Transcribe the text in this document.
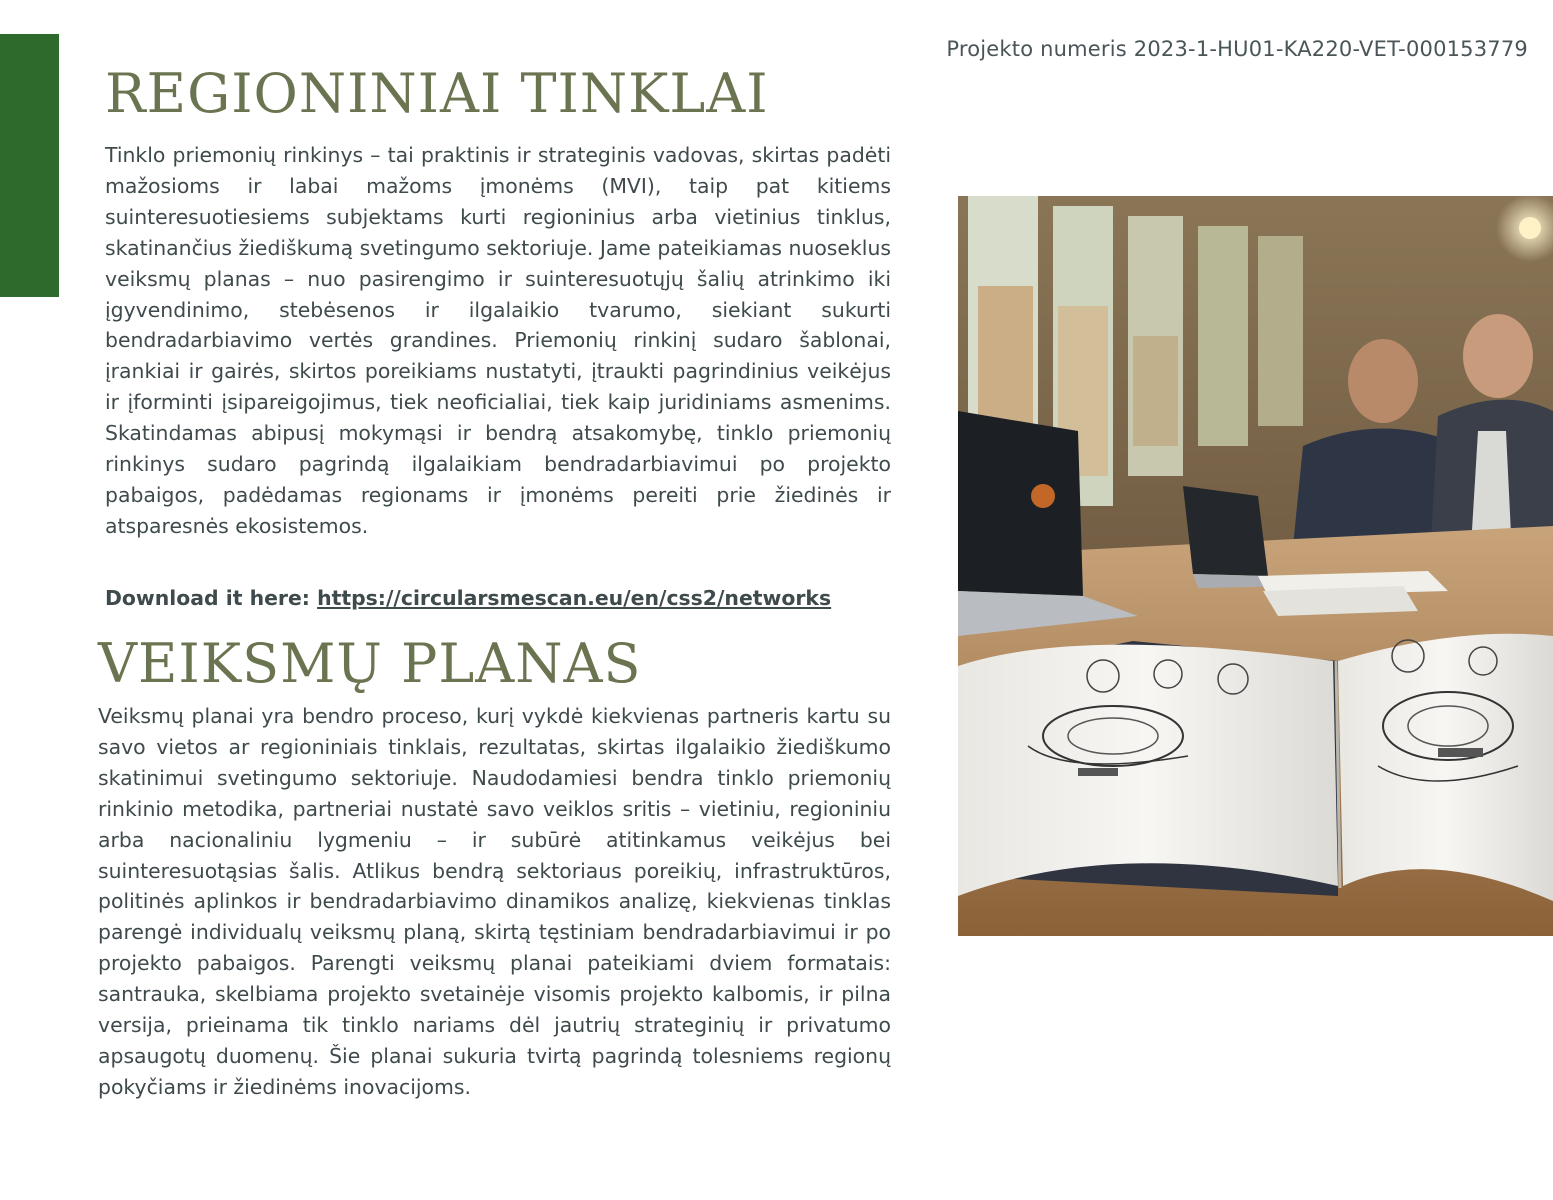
Projekto numeris 2023-1-HU01-KA220-VET-000153779
REGIONINIAI TINKLAI

Tinklo priemonių rinkinys – tai praktinis ir strateginis vadovas, skirtas padėti mažosioms ir labai mažoms įmonėms (MVI), taip pat kitiems suinteresuotiesiems subjektams kurti regioninius arba vietinius tinklus, skatinančius žiediškumą svetingumo sektoriuje. Jame pateikiamas nuoseklus veiksmų planas – nuo pasirengimo ir suinteresuotųjų šalių atrinkimo iki įgyvendinimo, stebėsenos ir ilgalaikio tvarumo, siekiant sukurti bendradarbiavimo vertės grandines. Priemonių rinkinį sudaro šablonai, įrankiai ir gairės, skirtos poreikiams nustatyti, įtraukti pagrindinius veikėjus ir įforminti įsipareigojimus, tiek neoficialiai, tiek kaip juridiniams asmenims. Skatindamas abipusį mokymąsi ir bendrą atsakomybę, tinklo priemonių rinkinys sudaro pagrindą ilgalaikiam bendradarbiavimui po projekto pabaigos, padėdamas regionams ir įmonėms pereiti prie žiedinės ir atsparesnės ekosistemos.

Download it here: https://circularsmescan.eu/en/css2/networks
VEIKSMŲ PLANAS

Veiksmų planai yra bendro proceso, kurį vykdė kiekvienas partneris kartu su savo vietos ar regioniniais tinklais, rezultatas, skirtas ilgalaikio žiediškumo skatinimui svetingumo sektoriuje. Naudodamiesi bendra tinklo priemonių rinkinio metodika, partneriai nustatė savo veiklos sritis – vietiniu, regioniniu arba nacionaliniu lygmeniu – ir subūrė atitinkamus veikėjus bei suinteresuotąsias šalis. Atlikus bendrą sektoriaus poreikių, infrastruktūros, politinės aplinkos ir bendradarbiavimo dinamikos analizę, kiekvienas tinklas parengė individualų veiksmų planą, skirtą tęstiniam bendradarbiavimui ir po projekto pabaigos. Parengti veiksmų planai pateikiami dviem formatais: santrauka, skelbiama projekto svetainėje visomis projekto kalbomis, ir pilna versija, prieinama tik tinklo nariams dėl jautrių strateginių ir privatumo apsaugotų duomenų. Šie planai sukuria tvirtą pagrindą tolesniems regionų pokyčiams ir žiedinėms inovacijoms.
